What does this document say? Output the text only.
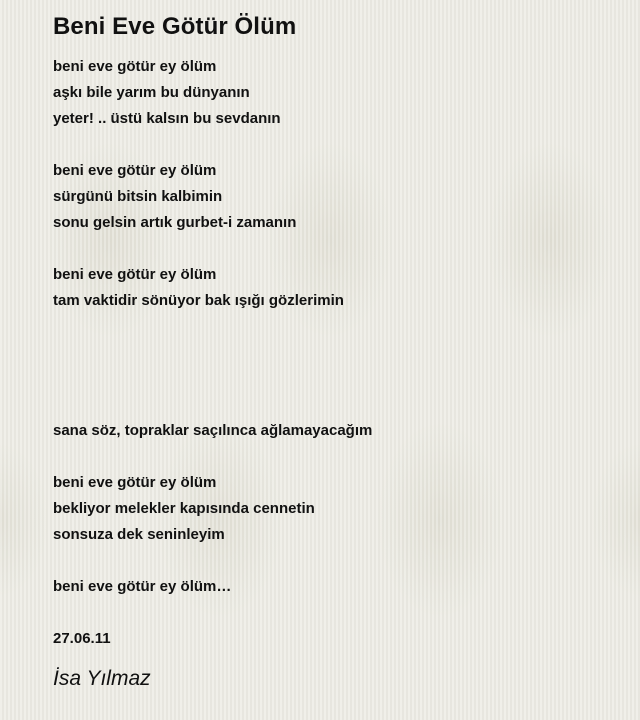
Beni Eve Götür Ölüm
beni eve götür ey ölüm
aşkı bile yarım bu dünyanın
yeter! .. üstü kalsın bu sevdanın
beni eve götür ey ölüm
sürgünü bitsin kalbimin
sonu gelsin artık gurbet-i zamanın
beni eve götür ey ölüm
tam vaktidir sönüyor bak ışığı gözlerimin
sana söz, topraklar saçılınca ağlamayacağım
beni eve götür ey ölüm
bekliyor melekler kapısında cennetin
sonsuza dek seninleyim
beni eve götür ey ölüm…
27.06.11
İsa Yılmaz
